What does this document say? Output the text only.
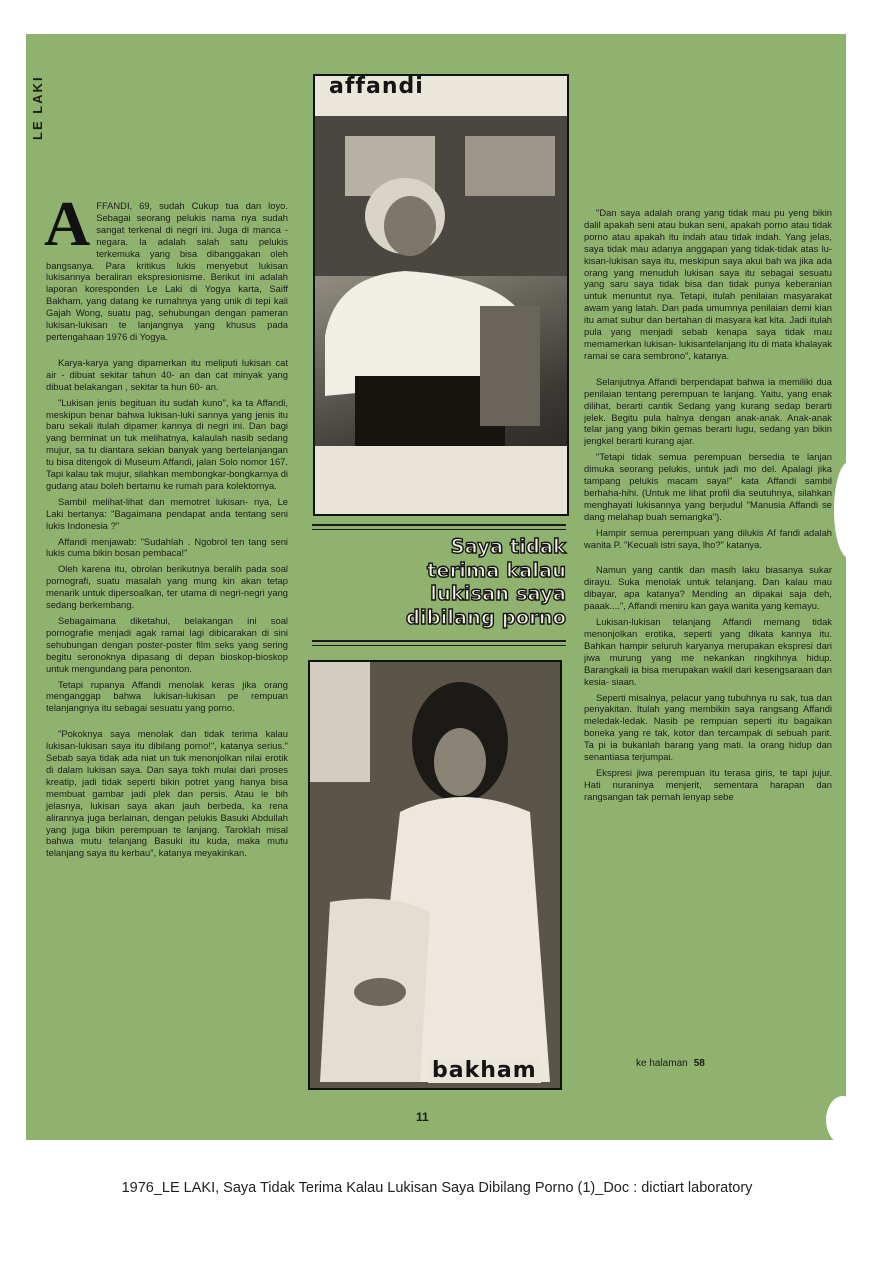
LE LAKI

AFFANDI, 69, sudah Cukup tua dan loyo. Sebagai seorang pelukis nama nya sudah sangat terkenal di negri ini. Juga di manca -negara. Ia adalah salah satu pelukis terkemuka yang bisa dibanggakan oleh bangsanya. Para kritikus lukis menyebut lukisan lukisannya beraliran ekspresionisme. Berikut ini adalah laporan koresponden Le Laki di Yogya karta, Saiff Bakham, yang datang ke rumahnya yang unik di tepi kali Gajah Wong, suatu pag, sehubungan dengan pameran lukisan-lukisan te lanjangnya yang khusus pada pertengahaan 1976 di Yogya.

Karya-karya yang dipamerkan itu meliputi lukisan cat air - dibuat sekitar tahun 40- an dan cat minyak yang dibuat belakangan , sekitar ta hun 60- an.

"Lukisan jenis begituan itu sudah kuno", ka ta Affandi, meskipun benar bahwa lukisan-luki sannya yang jenis itu baru sekali itulah dipamer kannya di negri ini. Dan bagi yang berminat un tuk melihatnya, kalaulah nasib sedang mujur, sa tu diantara sekian banyak yang bertelanjangan tu bisa ditengok di Museum Affandi, jalan Solo nomor 167. Tapi kalau tak mujur, silahkan membongkar-bongkarnya di gudang atau boleh bertamu ke rumah para kolektornya.

Sambil melihat-lihat dan memotret lukisan- nya, Le Laki bertanya: "Bagaimana pendapat anda tentang seni lukis Indonesia ?"

Affandi menjawab: "Sudahlah . Ngobrol ten tang seni lukis cuma bikin bosan pembaca!"

Oleh karena itu, obrolan berikutnya beralih pada soal pornografi, suatu masalah yang mung kin akan tetap menarik untuk dipersoalkan, ter utama di negri-negri yang sedang berkembang.

Sebagaimana diketahui, belakangan ini soal pornografie menjadi agak ramai lagi dibicarakan di sini sehubungan dengan poster-poster film seks yang sering begitu seronoknya dipasang di depan bioskop-bioskop untuk mengundang para penonton.

Tetapi rupanya Affandi menolak keras jika orang menganggap bahwa lukisan-lukisan pe rempuan telanjangnya itu sebagai sesuatu yang porno.

"Pokoknya saya menolak dan tidak terima kalau lukisan-lukisan saya itu dibilang porno!", katanya serius." Sebab saya tidak ada niat un tuk menonjolkan nilai erotik di dalam lukisan saya. Dan saya tokh mulai dari proses kreatip, jadi tidak seperti bikin potret yang hanya bisa membuat gambar jadi plek dan persis. Atau le bih jelasnya, lukisan saya akan jauh berbeda, ka rena alirannya juga berlainan, dengan pelukis Basuki Abdullah yang juga bikin perempuan te lanjang. Taroklah misal bahwa mutu telanjang Basuki itu kuda, maka mutu telanjang saya itu kerbau", katanya meyakinkan.

affandi
Saya tidak
terima kalau
lukisan saya
dibilang porno
bakham

"Dan saya adalah orang yang tidak mau pu yeng bikin dalil apakah seni atau bukan seni, apakah porno atau tidak porno atau apakah itu indah atau tidak indah. Yang jelas, saya tidak mau adanya anggapan yang tidak-tidak atas lu- kisan-lukisan saya itu, meskipun saya akui bah wa jika ada orang yang menuduh lukisan saya itu sebagai sesuatu yang saru saya tidak bisa dan tidak punya keberanian untuk menuntut nya. Tetapi, itulah penilaian masyarakat awam yang latah. Dan pada umumnya penilaian demi kian itu amat subur dan bertahan di masyara kat kita. Jadi itulah pula yang menjadi sebab kenapa saya tidak mau memamerkan lukisan- lukisantelanjang itu di mata khalayak ramai se cara sembrono", katanya.

Selanjutnya Affandi berpendapat bahwa ia memiliki dua penilaian tentang perempuan te lanjang. Yaitu, yang enak dilihat, berarti cantik Sedang yang kurang sedap berarti jelek. Begitu pula halnya dengan anak-anak. Anak-anak telar jang yang bikin gemas berarti lugu, sedang yan bikin jengkel berarti kurang ajar.

"Tetapi tidak semua perempuan bersedia te lanjan dimuka seorang pelukis, untuk jadi mo del. Apalagi jika tampang pelukis macam saya!" kata Affandi sambil berhaha-hihi. (Untuk me lihat profil dia seutuhnya, silahkan menghayati lukisannya yang berjudul "Manusia Affandi se dang melahap buah semangka").

Hampir semua perempuan yang dilukis Af fandi adalah wanita P. "Kecuali istri saya, lho?" katanya.

Namun yang cantik dan masih laku biasanya sukar dirayu. Suka menolak untuk telanjang. Dan kalau mau dibayar, apa katanya? Mending an dipakai saja deh, paaak....", Affandi meniru kan gaya wanita yang kemayu.

Lukisan-lukisan telanjang Affandi memang tidak menonjolkan erotika, seperti yang dikata kannya itu. Bahkan hampir seluruh karyanya merupakan ekspresi dari jiwa murung yang me nekankan ringkihnya hidup. Barangkali ia bisa merupakan wakil dari kesengsaraan dan kesia- siaan.

Seperti misalnya, pelacur yang tubuhnya ru sak, tua dan penyakitan. Itulah yang membikin saya rangsang Affandi meledak-ledak. Nasib pe rempuan seperti itu bagaikan boneka yang re tak, kotor dan tercampak di sebuah parit. Ta pi ia bukanlah barang yang mati. Ia orang hidup dan senantiasa terjumpai.

Ekspresi jiwa perempuan itu terasa giris, te tapi jujur. Hati nuraninya menjerit, sementara harapan dan rangsangan tak pernah lenyap sebe

ke halaman 58
11
1976_LE LAKI, Saya Tidak Terima Kalau Lukisan Saya Dibilang Porno (1)_Doc : dictiart laboratory
